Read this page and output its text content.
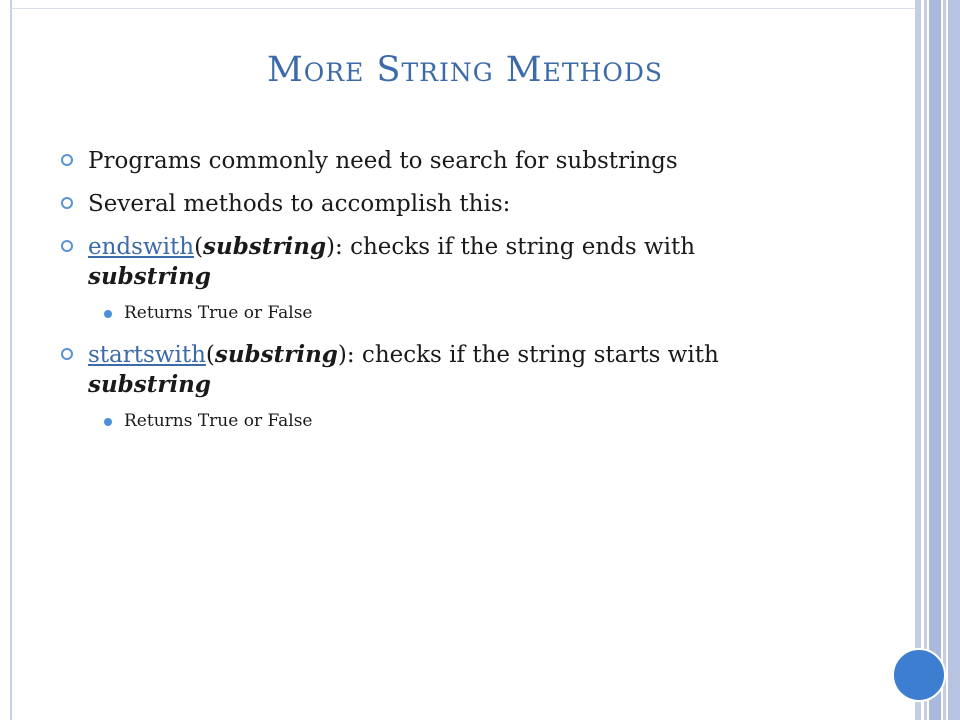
More String Methods
Programs commonly need to search for substrings
Several methods to accomplish this:
endswith(substring): checks if the string ends with
substring
Returns True or False
startswith(substring): checks if the string starts with
substring
Returns True or False
